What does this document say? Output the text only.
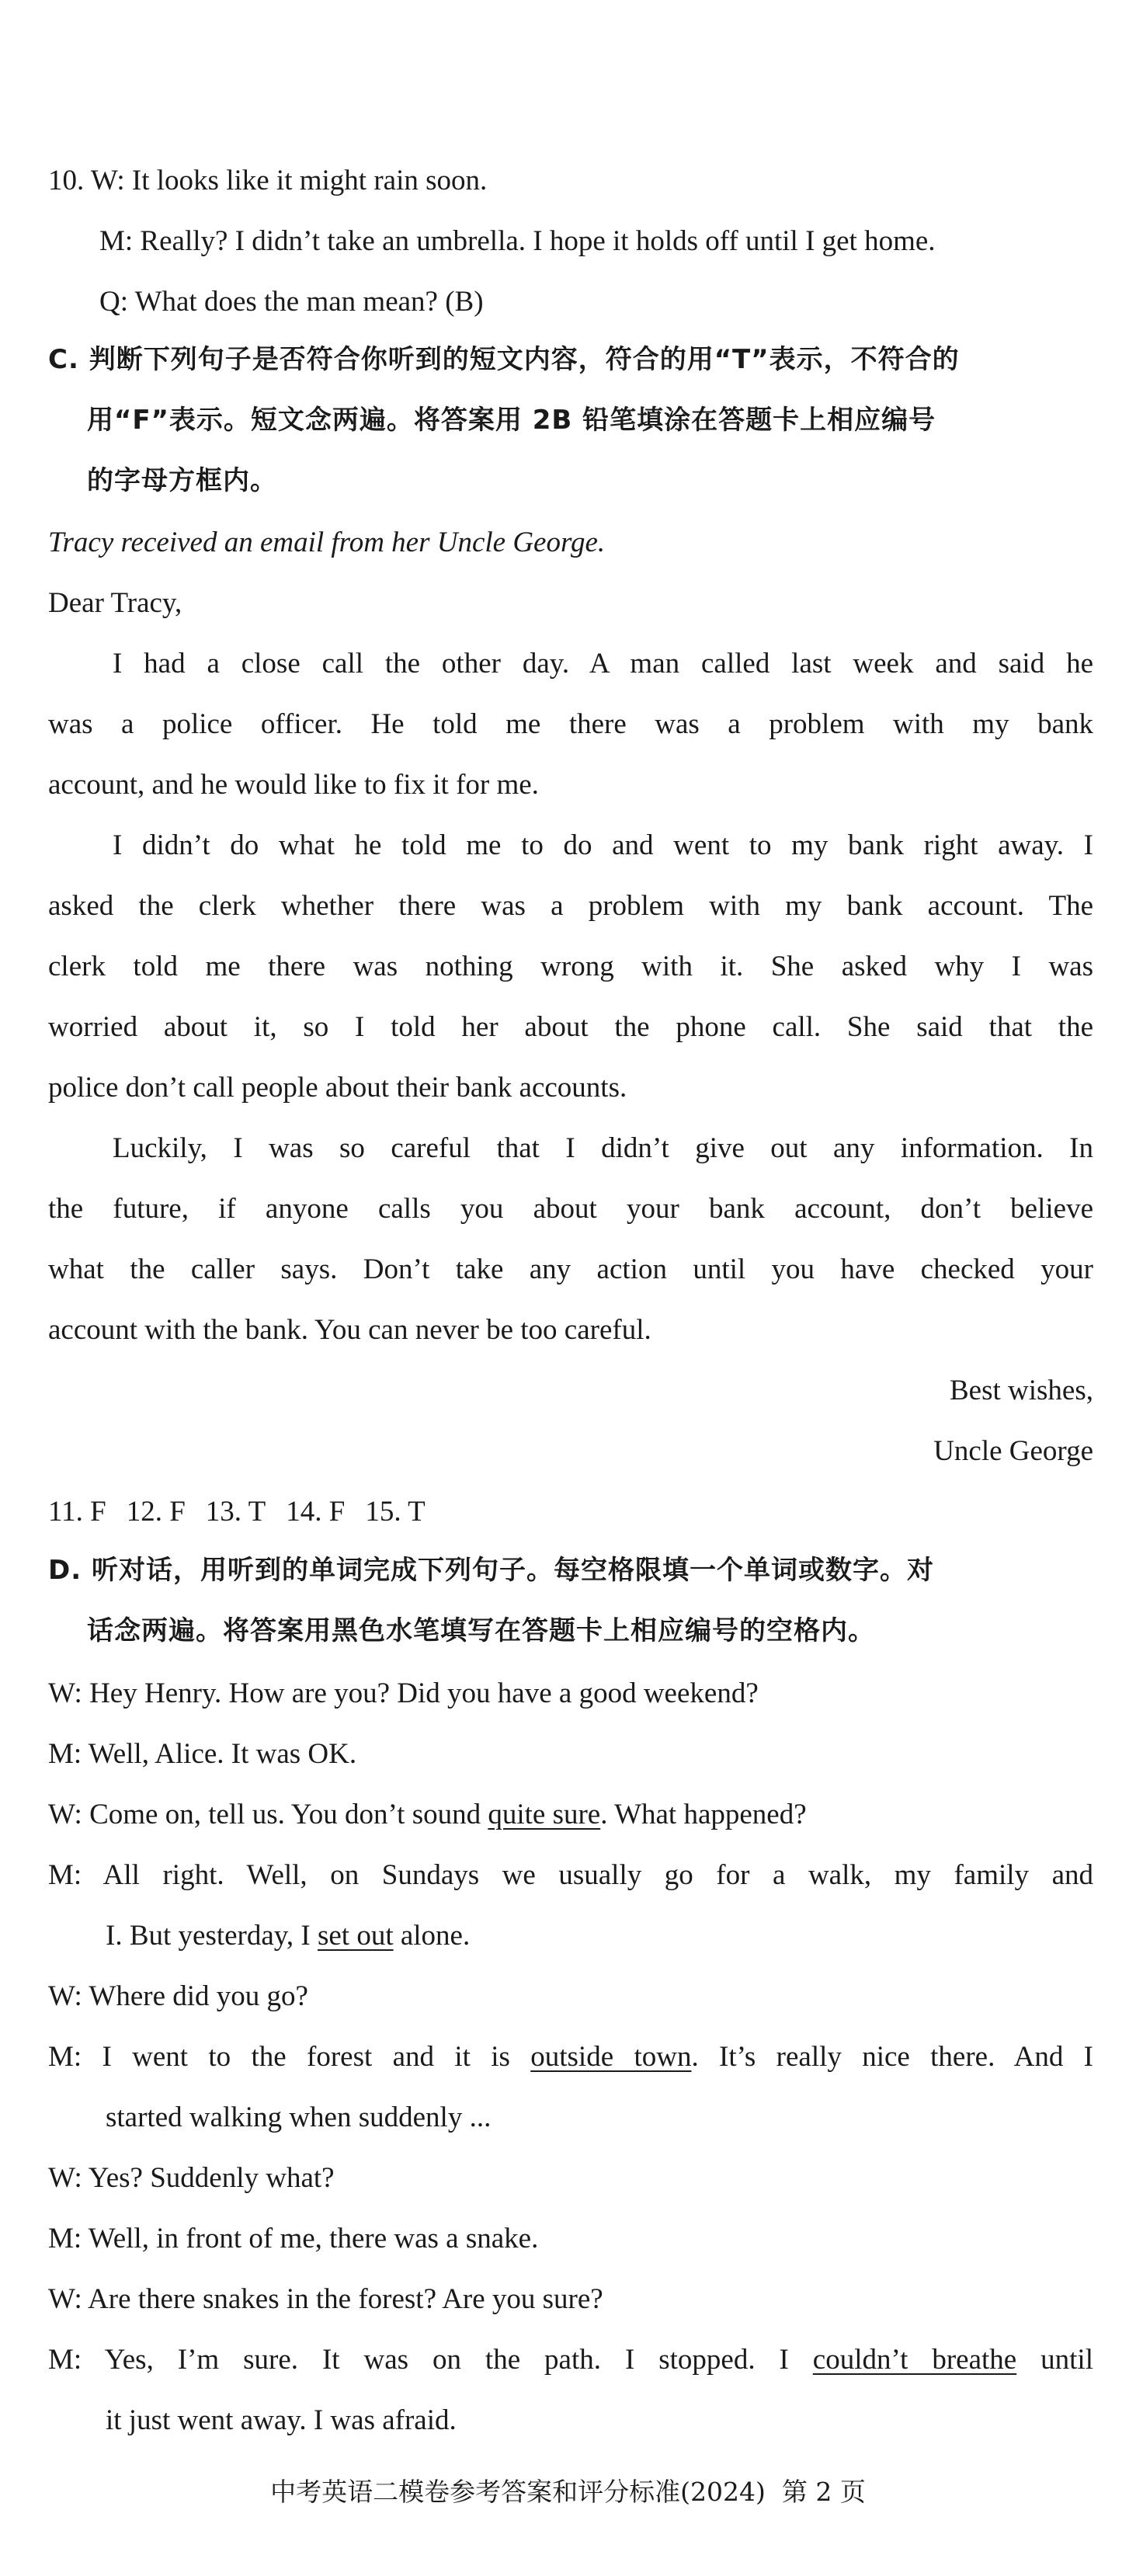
10. W: It looks like it might rain soon.
M: Really? I didn’t take an umbrella. I hope it holds off until I get home.
Q: What does the man mean? (B)
C. 判断下列句子是否符合你听到的短文内容，符合的用“T”表示，不符合的
用“F”表示。短文念两遍。将答案用 2B 铅笔填涂在答题卡上相应编号
的字母方框内。
Tracy received an email from her Uncle George.
Dear Tracy,
I had a close call the other day. A man called last week and said he
was a police officer. He told me there was a problem with my bank
account, and he would like to fix it for me.
I didn’t do what he told me to do and went to my bank right away. I
asked the clerk whether there was a problem with my bank account. The
clerk told me there was nothing wrong with it. She asked why I was
worried about it, so I told her about the phone call. She said that the
police don’t call people about their bank accounts.
Luckily, I was so careful that I didn’t give out any information. In
the future, if anyone calls you about your bank account, don’t believe
what the caller says. Don’t take any action until you have checked your
account with the bank. You can never be too careful.
Best wishes,
Uncle George
11. F 12. F 13. T 14. F 15. T
D. 听对话，用听到的单词完成下列句子。每空格限填一个单词或数字。对
话念两遍。将答案用黑色水笔填写在答题卡上相应编号的空格内。
W: Hey Henry. How are you? Did you have a good weekend?
M: Well, Alice. It was OK.
W: Come on, tell us. You don’t sound quite sure. What happened?
M: All right. Well, on Sundays we usually go for a walk, my family and
I. But yesterday, I set out alone.
W: Where did you go?
M: I went to the forest and it is outside town. It’s really nice there. And I
started walking when suddenly ...
W: Yes? Suddenly what?
M: Well, in front of me, there was a snake.
W: Are there snakes in the forest? Are you sure?
M: Yes, I’m sure. It was on the path. I stopped. I couldn’t breathe until
it just went away. I was afraid.
中考英语二模卷参考答案和评分标准(2024) 第 2 页
